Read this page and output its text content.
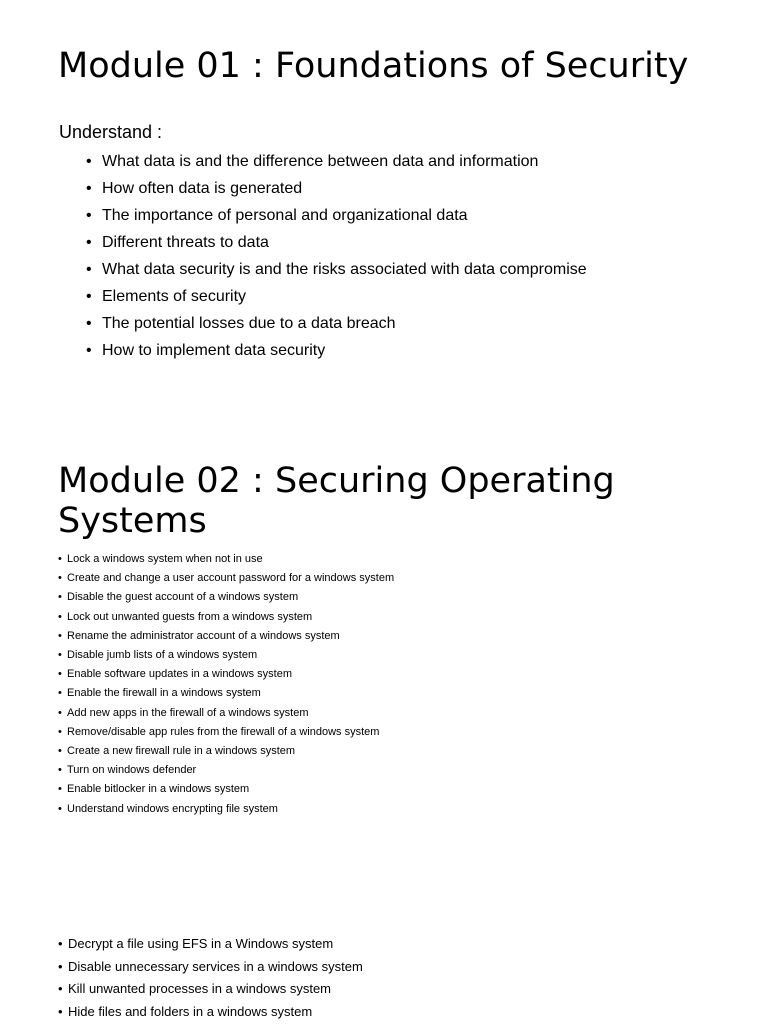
Module 01 : Foundations of Security

Understand :

• What data is and the difference between data and information
• How often data is generated
• The importance of personal and organizational data
• Different threats to data
• What data security is and the risks associated with data compromise
• Elements of security
• The potential losses due to a data breach
• How to implement data security
Module 02 : Securing Operating Systems
• Lock a windows system when not in use
• Create and change a user account password for a windows system
• Disable the guest account of a windows system
• Lock out unwanted guests from a windows system
• Rename the administrator account of a windows system
• Disable jumb lists of a windows system
• Enable software updates in a windows system
• Enable the firewall in a windows system
• Add new apps in the firewall of a windows system
• Remove/disable app rules from the firewall of a windows system
• Create a new firewall rule in a windows system
• Turn on windows defender
• Enable bitlocker in a windows system
• Understand windows encrypting file system
• Decrypt a file using EFS in a Windows system
• Disable unnecessary services in a windows system
• Kill unwanted processes in a windows system
• Hide files and folders in a windows system
